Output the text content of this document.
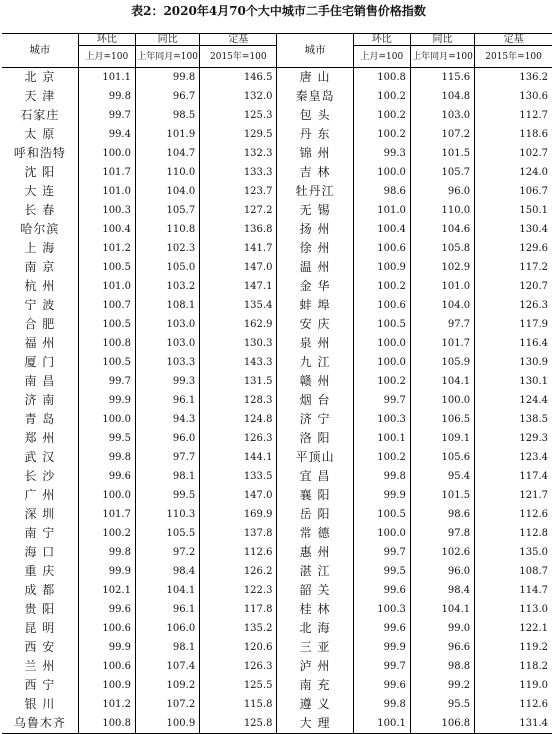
表2：2020年4月70个大中城市二手住宅销售价格指数
城市	环比	同比	定基	城市	环比	同比	定基
	上月=100	上年同月=100	2015年=100		上月=100	上年同月=100	2015年=100
北 京	101.1	99.8	146.5	唐 山	100.8	115.6	136.2
天 津	99.8	96.7	132.0	秦皇岛	100.2	104.8	130.6
石家庄	99.7	98.5	125.3	包 头	100.2	103.0	112.7
太 原	99.4	101.9	129.5	丹 东	100.2	107.2	118.6
呼和浩特	100.0	104.7	132.3	锦 州	99.3	101.5	102.7
沈 阳	101.7	110.0	133.3	吉 林	100.0	105.7	124.0
大 连	101.0	104.0	123.7	牡丹江	98.6	96.0	106.7
长 春	100.3	105.7	127.2	无 锡	101.0	110.0	150.1
哈尔滨	100.4	110.8	136.8	扬 州	100.4	104.6	130.4
上 海	101.2	102.3	141.7	徐 州	100.6	105.8	129.6
南 京	100.5	105.0	147.0	温 州	100.9	102.9	117.2
杭 州	101.0	103.2	147.1	金 华	100.2	101.0	120.7
宁 波	100.7	108.1	135.4	蚌 埠	100.6	104.0	126.3
合 肥	100.5	103.0	162.9	安 庆	100.5	97.7	117.9
福 州	100.8	103.0	130.3	泉 州	100.0	101.7	116.4
厦 门	100.5	103.3	143.3	九 江	100.0	105.9	130.9
南 昌	99.7	99.3	131.5	赣 州	100.2	104.1	130.1
济 南	99.9	96.1	128.3	烟 台	99.7	100.0	124.4
青 岛	100.0	94.3	124.8	济 宁	100.3	106.5	138.5
郑 州	99.5	96.0	126.3	洛 阳	100.1	109.1	129.3
武 汉	99.8	97.7	144.1	平顶山	100.2	105.6	123.4
长 沙	99.6	98.1	133.5	宜 昌	99.8	95.4	117.4
广 州	100.0	99.5	147.0	襄 阳	99.9	101.5	121.7
深 圳	101.7	110.3	169.9	岳 阳	100.5	98.6	112.6
南 宁	100.2	105.5	137.8	常 德	100.0	97.8	112.8
海 口	99.8	97.2	112.6	惠 州	99.7	102.6	135.0
重 庆	99.9	98.4	126.2	湛 江	99.5	96.0	108.7
成 都	102.1	104.1	122.3	韶 关	99.6	98.4	114.7
贵 阳	99.6	96.1	117.8	桂 林	100.3	104.1	113.0
昆 明	100.6	106.0	135.2	北 海	99.6	99.0	122.1
西 安	99.9	98.1	120.6	三 亚	99.9	96.6	119.2
兰 州	100.6	107.4	126.3	泸 州	99.7	98.8	118.2
西 宁	100.9	109.2	125.5	南 充	99.6	99.2	119.0
银 川	101.2	107.2	115.8	遵 义	99.8	95.5	112.6
乌鲁木齐	100.8	100.9	125.8	大 理	100.1	106.8	131.4
